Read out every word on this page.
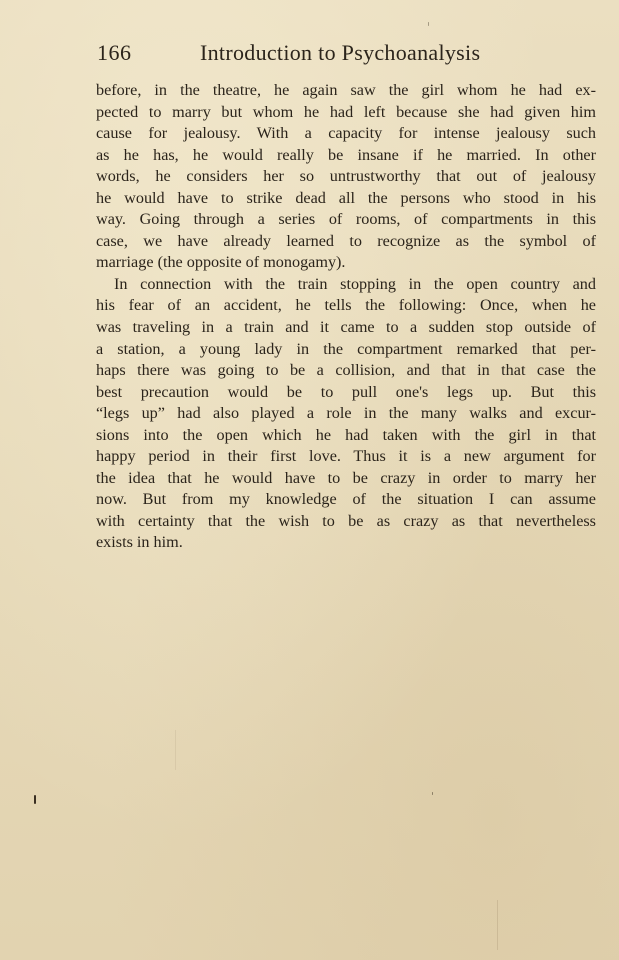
166	Introduction to Psychoanalysis
before, in the theatre, he again saw the girl whom he had ex-
pected to marry but whom he had left because she had given him
cause for jealousy. With a capacity for intense jealousy such
as he has, he would really be insane if he married. In other
words, he considers her so untrustworthy that out of jealousy
he would have to strike dead all the persons who stood in his
way. Going through a series of rooms, of compartments in this
case, we have already learned to recognize as the symbol of
marriage (the opposite of monogamy).
In connection with the train stopping in the open country and
his fear of an accident, he tells the following: Once, when he
was traveling in a train and it came to a sudden stop outside of
a station, a young lady in the compartment remarked that per-
haps there was going to be a collision, and that in that case the
best precaution would be to pull one's legs up. But this
“legs up” had also played a role in the many walks and excur-
sions into the open which he had taken with the girl in that
happy period in their first love. Thus it is a new argument for
the idea that he would have to be crazy in order to marry her
now. But from my knowledge of the situation I can assume
with certainty that the wish to be as crazy as that nevertheless
exists in him.
